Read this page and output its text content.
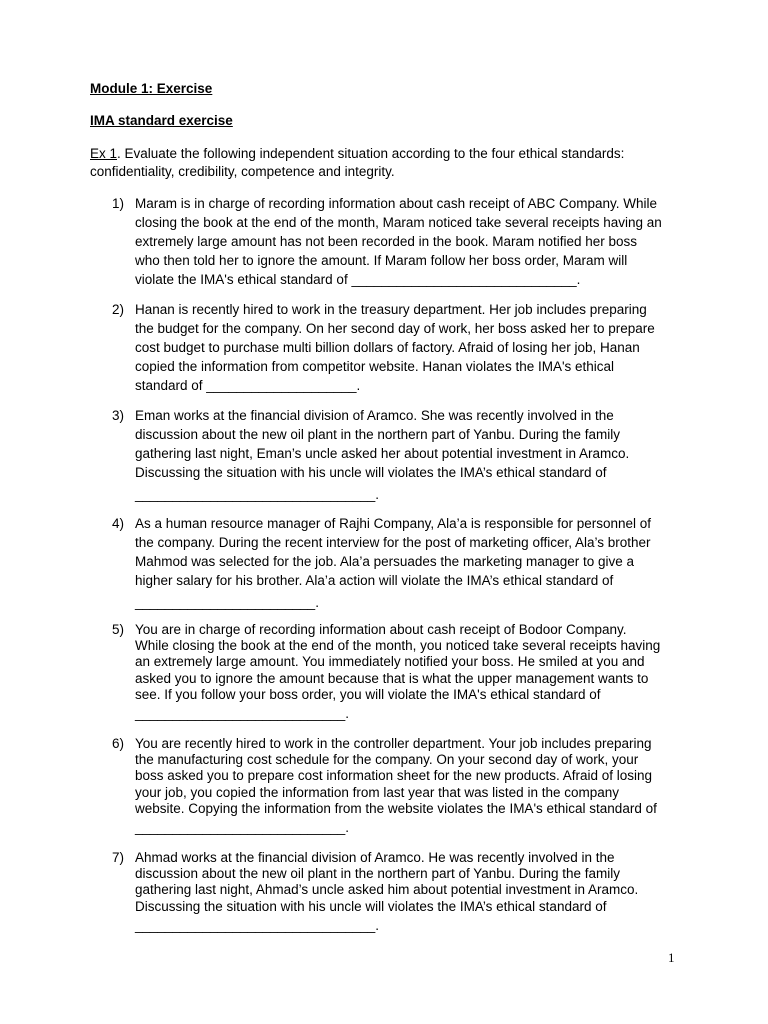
Module 1: Exercise
IMA standard exercise
Ex 1. Evaluate the following independent situation according to the four ethical standards: confidentiality, credibility, competence and integrity.
1) Maram is in charge of recording information about cash receipt of ABC Company. While
closing the book at the end of the month, Maram noticed take several receipts having an
extremely large amount has not been recorded in the book. Maram notified her boss
who then told her to ignore the amount. If Maram follow her boss order, Maram will
violate the IMA's ethical standard of ______________________________.
2) Hanan is recently hired to work in the treasury department. Her job includes preparing
the budget for the company. On her second day of work, her boss asked her to prepare
cost budget to purchase multi billion dollars of factory. Afraid of losing her job, Hanan
copied the information from competitor website. Hanan violates the IMA's ethical
standard of ____________________.
3) Eman works at the financial division of Aramco. She was recently involved in the
discussion about the new oil plant in the northern part of Yanbu. During the family
gathering last night, Eman’s uncle asked her about potential investment in Aramco.
Discussing the situation with his uncle will violates the IMA’s ethical standard of
________________________________.
4) As a human resource manager of Rajhi Company, Ala’a is responsible for personnel of
the company. During the recent interview for the post of marketing officer, Ala’s brother
Mahmod was selected for the job. Ala’a persuades the marketing manager to give a
higher salary for his brother. Ala’a action will violate the IMA’s ethical standard of
________________________.
5) You are in charge of recording information about cash receipt of Bodoor Company.
While closing the book at the end of the month, you noticed take several receipts having
an extremely large amount. You immediately notified your boss. He smiled at you and
asked you to ignore the amount because that is what the upper management wants to
see. If you follow your boss order, you will violate the IMA's ethical standard of
____________________________.
6) You are recently hired to work in the controller department. Your job includes preparing
the manufacturing cost schedule for the company. On your second day of work, your
boss asked you to prepare cost information sheet for the new products. Afraid of losing
your job, you copied the information from last year that was listed in the company
website. Copying the information from the website violates the IMA's ethical standard of
____________________________.
7) Ahmad works at the financial division of Aramco. He was recently involved in the
discussion about the new oil plant in the northern part of Yanbu. During the family
gathering last night, Ahmad’s uncle asked him about potential investment in Aramco.
Discussing the situation with his uncle will violates the IMA’s ethical standard of
________________________________.
1
